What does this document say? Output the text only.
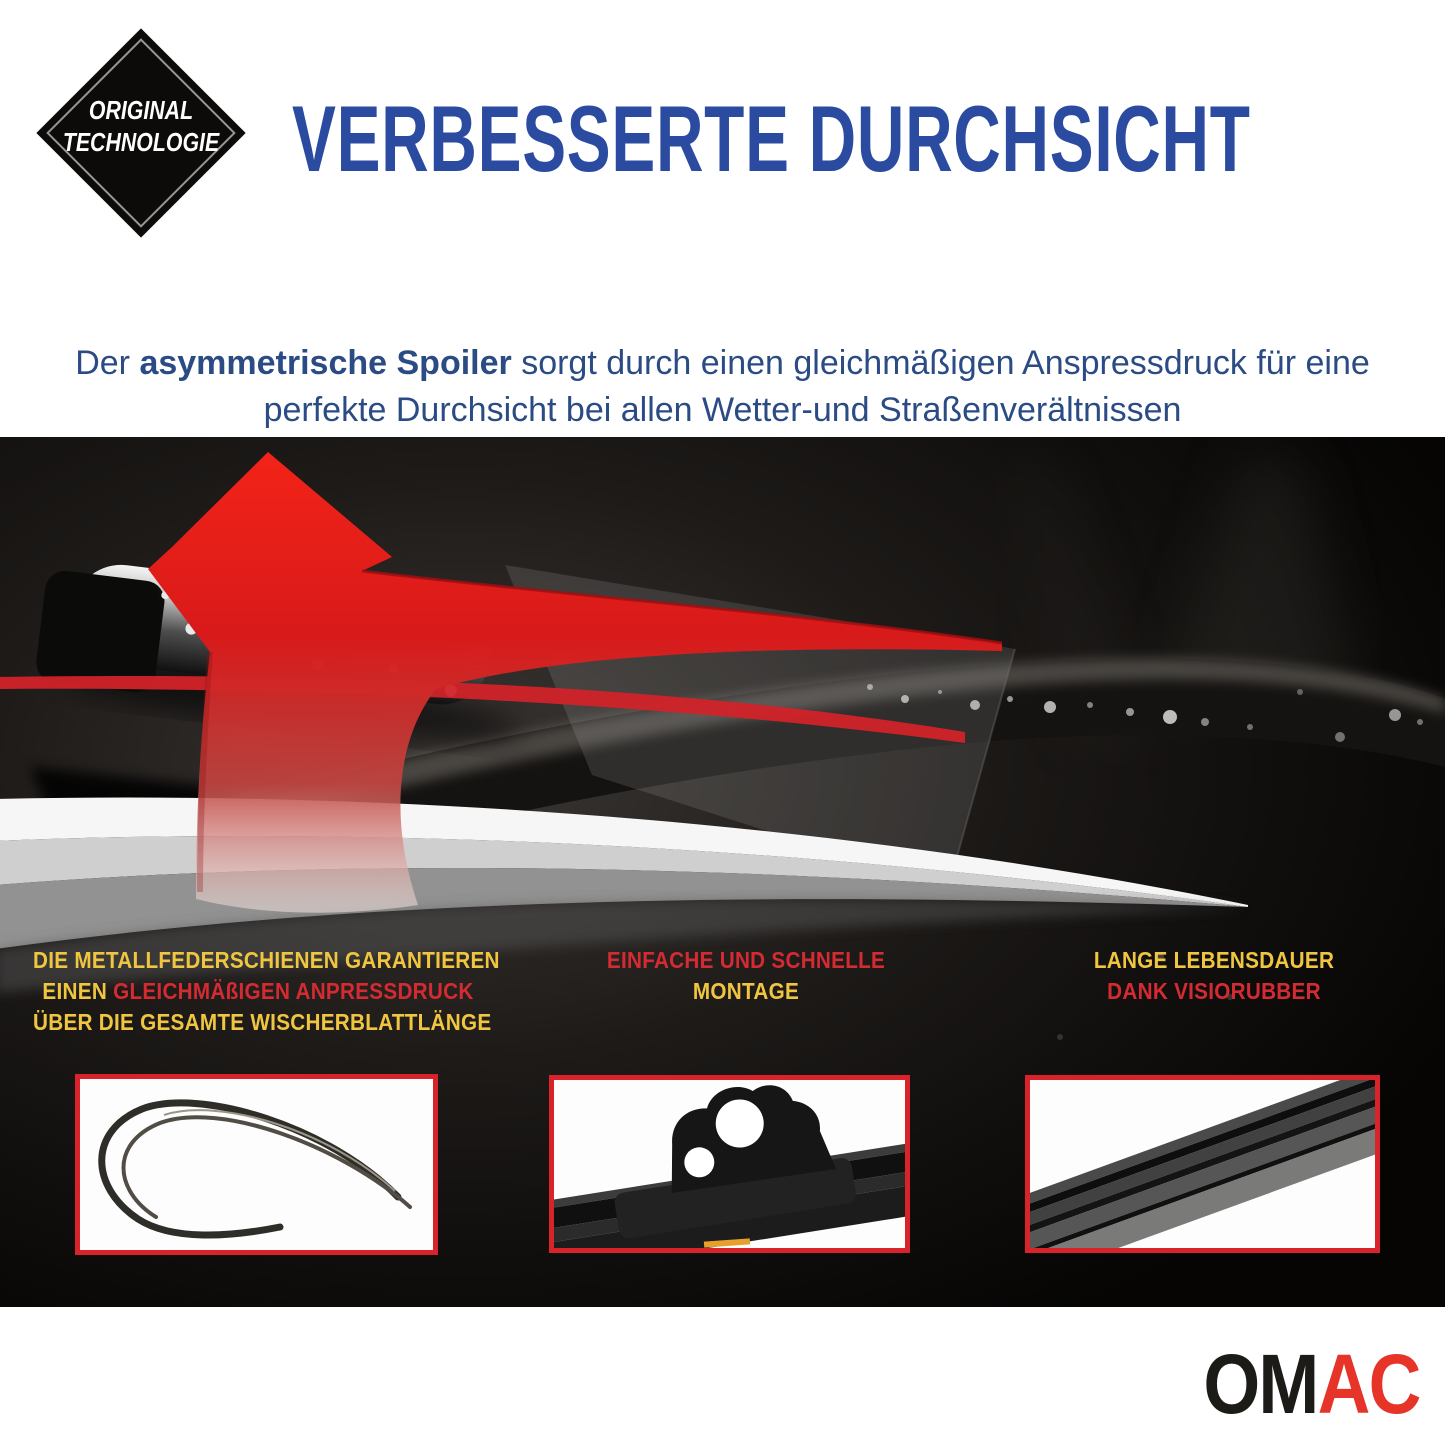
ORIGINAL
TECHNOLOGIE VERBESSERTE DURCHSICHT

Der asymmetrische Spoiler sorgt durch einen gleichmäßigen Anspressdruck für eine
perfekte Durchsicht bei allen Wetter-und Straßenverältnissen

DIE METALLFEDERSCHIENEN GARANTIEREN
EINEN GLEICHMÄßIGEN ANPRESSDRUCK
ÜBER DIE GESAMTE WISCHERBLATTLÄNGE
EINFACHE UND SCHNELLE
MONTAGE
LANGE LEBENSDAUER
DANK VISIORUBBER
OMAC
